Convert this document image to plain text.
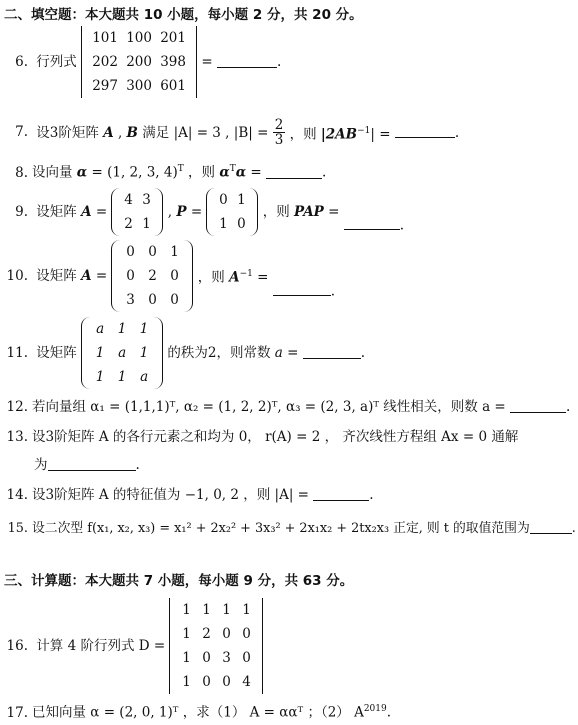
二、填空题：本大题共 10 小题，每小题 2 分，共 20 分。
6. 行列式
101 100 201
202 200 398
297 300 601
=	.
7. 设3阶矩阵 A , B 满足 |A| = 3 , $|B| = \frac{2}{3}$ ，则 $|2AB^{-1}|$ =	.
8. 设向量 α = (1, 2, 3, 4)$^T$ ，则 $\alpha^T\alpha$ =	.
9. 设矩阵 A =
4 3
2 1
, P =
0 1
1 0
，则 PAP = .
10. 设矩阵 A =
0 0 1
0 2 0
3 0 0
，则 $A^{-1}$ = .
11. 设矩阵
a 1 1
1 a 1
1 1 a
的秩为2，则常数 a =	.
12. 若向量组 α₁ = (1,1,1)ᵀ, α₂ = (1, 2, 2)ᵀ, α₃ = (2, 3, a)ᵀ 线性相关，则数 a =	.
13. 设3阶矩阵 A 的各行元素之和均为 0， r(A) = 2 ， 齐次线性方程组 Ax = 0 通解
为	.
14. 设3阶矩阵 A 的特征值为 −1, 0, 2 ，则 |A| =	.
15. 设二次型 f(x₁, x₂, x₃) = x₁² + 2x₂² + 3x₃² + 2x₁x₂ + 2tx₂x₃ 正定, 则 t 的取值范围为	.
三、计算题：本大题共 7 小题，每小题 9 分，共 63 分。
16. 计算 4 阶行列式 D =
1 1 1 1
1 2 0 0
1 0 3 0
1 0 0 4
17. 已知向量 α = (2, 0, 1)ᵀ ，求（1） A = ααᵀ ；（2） $A^{2019}$.
